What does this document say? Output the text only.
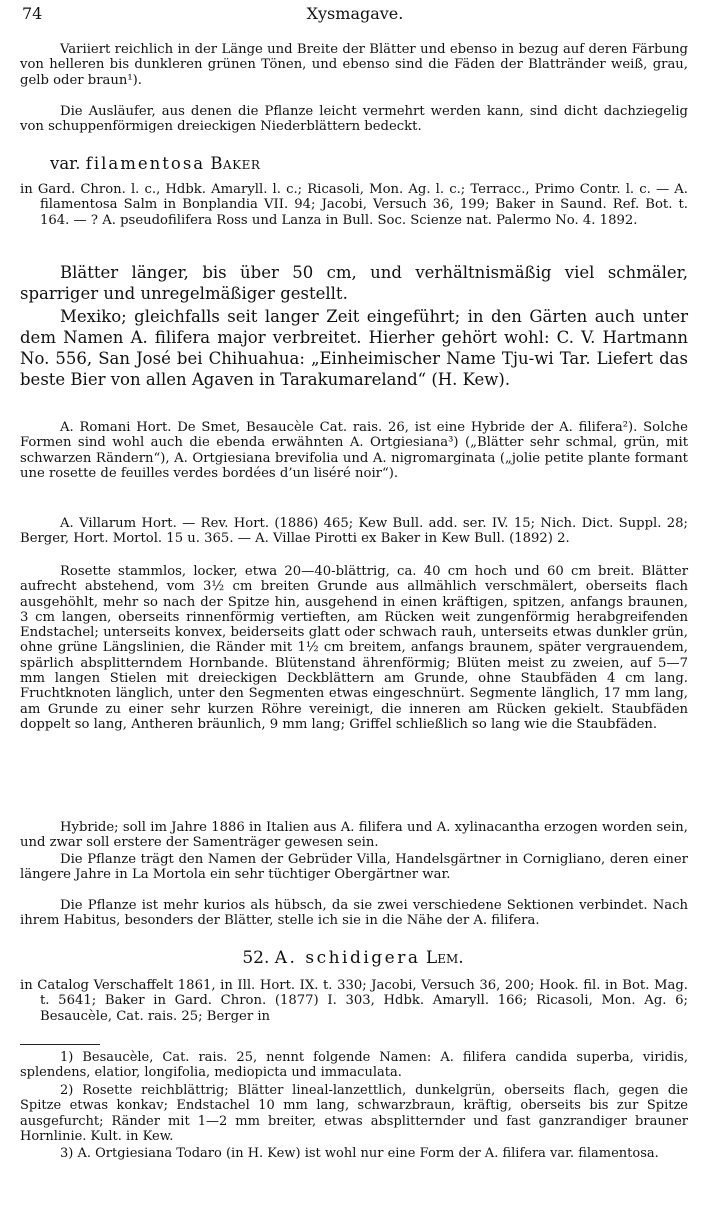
74	Xysmagave.

Variiert reichlich in der Länge und Breite der Blätter und ebenso in bezug auf deren Färbung von helleren bis dunkleren grünen Tönen, und ebenso sind die Fäden der Blattränder weiß, grau, gelb oder braun¹).

Die Ausläufer, aus denen die Pflanze leicht vermehrt werden kann, sind dicht dachziegelig von schuppenförmigen dreieckigen Niederblättern bedeckt.

var. filamentosa Baker

in Gard. Chron. l. c., Hdbk. Amaryll. l. c.; Ricasoli, Mon. Ag. l. c.; Terracc., Primo Contr. l. c. — A. filamentosa Salm in Bonplandia VII. 94; Jacobi, Versuch 36, 199; Baker in Saund. Ref. Bot. t. 164. — ? A. pseudofilifera Ross und Lanza in Bull. Soc. Scienze nat. Palermo No. 4. 1892.

Blätter länger, bis über 50 cm, und verhältnismäßig viel schmäler, sparriger und unregelmäßiger gestellt.

Mexiko; gleichfalls seit langer Zeit eingeführt; in den Gärten auch unter dem Namen A. filifera major verbreitet. Hierher gehört wohl: C. V. Hartmann No. 556, San José bei Chihuahua: „Einheimischer Name Tju-wi Tar. Liefert das beste Bier von allen Agaven in Tarakumareland“ (H. Kew).

A. Romani Hort. De Smet, Besaucèle Cat. rais. 26, ist eine Hybride der A. filifera²). Solche Formen sind wohl auch die ebenda erwähnten A. Ortgiesiana³) („Blätter sehr schmal, grün, mit schwarzen Rändern“), A. Ortgiesiana brevifolia und A. nigromarginata („jolie petite plante formant une rosette de feuilles verdes bordées d’un liséré noir“).

A. Villarum Hort. — Rev. Hort. (1886) 465; Kew Bull. add. ser. IV. 15; Nich. Dict. Suppl. 28; Berger, Hort. Mortol. 15 u. 365. — A. Villae Pirotti ex Baker in Kew Bull. (1892) 2.

Rosette stammlos, locker, etwa 20—40-blättrig, ca. 40 cm hoch und 60 cm breit. Blätter aufrecht abstehend, vom 3½ cm breiten Grunde aus allmählich verschmälert, oberseits flach ausgehöhlt, mehr so nach der Spitze hin, ausgehend in einen kräftigen, spitzen, anfangs braunen, 3 cm langen, oberseits rinnenförmig vertieften, am Rücken weit zungenförmig herabgreifenden Endstachel; unterseits konvex, beiderseits glatt oder schwach rauh, unterseits etwas dunkler grün, ohne grüne Längslinien, die Ränder mit 1½ cm breitem, anfangs braunem, später vergrauendem, spärlich absplitterndem Hornbande. Blütenstand ährenförmig; Blüten meist zu zweien, auf 5—7 mm langen Stielen mit dreieckigen Deckblättern am Grunde, ohne Staubfäden 4 cm lang. Fruchtknoten länglich, unter den Segmenten etwas eingeschnürt. Segmente länglich, 17 mm lang, am Grunde zu einer sehr kurzen Röhre vereinigt, die inneren am Rücken gekielt. Staubfäden doppelt so lang, Antheren bräunlich, 9 mm lang; Griffel schließlich so lang wie die Staubfäden.

Hybride; soll im Jahre 1886 in Italien aus A. filifera und A. xylinacantha erzogen worden sein, und zwar soll erstere der Samenträger gewesen sein.

Die Pflanze trägt den Namen der Gebrüder Villa, Handelsgärtner in Cornigliano, deren einer längere Jahre in La Mortola ein sehr tüchtiger Obergärtner war.

Die Pflanze ist mehr kurios als hübsch, da sie zwei verschiedene Sektionen verbindet. Nach ihrem Habitus, besonders der Blätter, stelle ich sie in die Nähe der A. filifera.

52. A. schidigera Lem.

in Catalog Verschaffelt 1861, in Ill. Hort. IX. t. 330; Jacobi, Versuch 36, 200; Hook. fil. in Bot. Mag. t. 5641; Baker in Gard. Chron. (1877) I. 303, Hdbk. Amaryll. 166; Ricasoli, Mon. Ag. 6; Besaucèle, Cat. rais. 25; Berger in

1) Besaucèle, Cat. rais. 25, nennt folgende Namen: A. filifera candida superba, viridis, splendens, elatior, longifolia, mediopicta und immaculata.

2) Rosette reichblättrig; Blätter lineal-lanzettlich, dunkelgrün, oberseits flach, gegen die Spitze etwas konkav; Endstachel 10 mm lang, schwarzbraun, kräftig, oberseits bis zur Spitze ausgefurcht; Ränder mit 1—2 mm breiter, etwas absplitternder und fast ganzrandiger brauner Hornlinie. Kult. in Kew.

3) A. Ortgiesiana Todaro (in H. Kew) ist wohl nur eine Form der A. filifera var. filamentosa.
